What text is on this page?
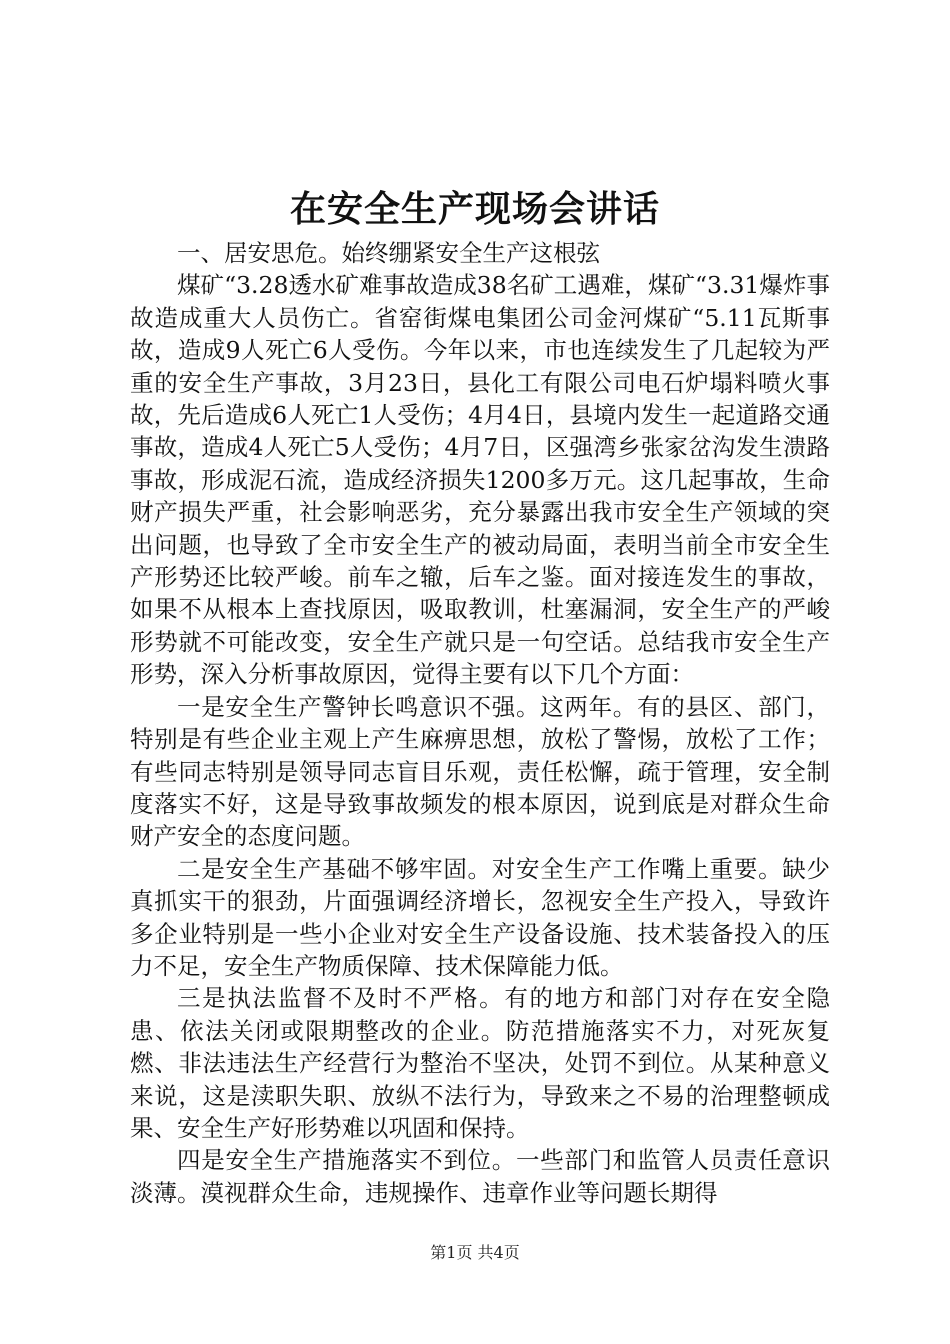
在安全生产现场会讲话

一、居安思危。始终绷紧安全生产这根弦

煤矿“3.28透水矿难事故造成38名矿工遇难，煤矿“3.31爆炸事故造成重大人员伤亡。省窑街煤电集团公司金河煤矿“5.11瓦斯事故，造成9人死亡6人受伤。今年以来，市也连续发生了几起较为严重的安全生产事故，3月23日，县化工有限公司电石炉塌料喷火事故，先后造成6人死亡1人受伤；4月4日，县境内发生一起道路交通事故，造成4人死亡5人受伤；4月7日，区强湾乡张家岔沟发生溃路事故，形成泥石流，造成经济损失1200多万元。这几起事故，生命财产损失严重，社会影响恶劣，充分暴露出我市安全生产领域的突出问题，也导致了全市安全生产的被动局面，表明当前全市安全生产形势还比较严峻。前车之辙，后车之鉴。面对接连发生的事故，如果不从根本上查找原因，吸取教训，杜塞漏洞，安全生产的严峻形势就不可能改变，安全生产就只是一句空话。总结我市安全生产形势，深入分析事故原因，觉得主要有以下几个方面：

一是安全生产警钟长鸣意识不强。这两年。有的县区、部门，特别是有些企业主观上产生麻痹思想，放松了警惕，放松了工作；有些同志特别是领导同志盲目乐观，责任松懈，疏于管理，安全制度落实不好，这是导致事故频发的根本原因，说到底是对群众生命财产安全的态度问题。

二是安全生产基础不够牢固。对安全生产工作嘴上重要。缺少真抓实干的狠劲，片面强调经济增长，忽视安全生产投入，导致许多企业特别是一些小企业对安全生产设备设施、技术装备投入的压力不足，安全生产物质保障、技术保障能力低。

三是执法监督不及时不严格。有的地方和部门对存在安全隐患、依法关闭或限期整改的企业。防范措施落实不力，对死灰复燃、非法违法生产经营行为整治不坚决，处罚不到位。从某种意义来说，这是渎职失职、放纵不法行为，导致来之不易的治理整顿成果、安全生产好形势难以巩固和保持。

四是安全生产措施落实不到位。一些部门和监管人员责任意识淡薄。漠视群众生命，违规操作、违章作业等问题长期得

第1页 共4页
